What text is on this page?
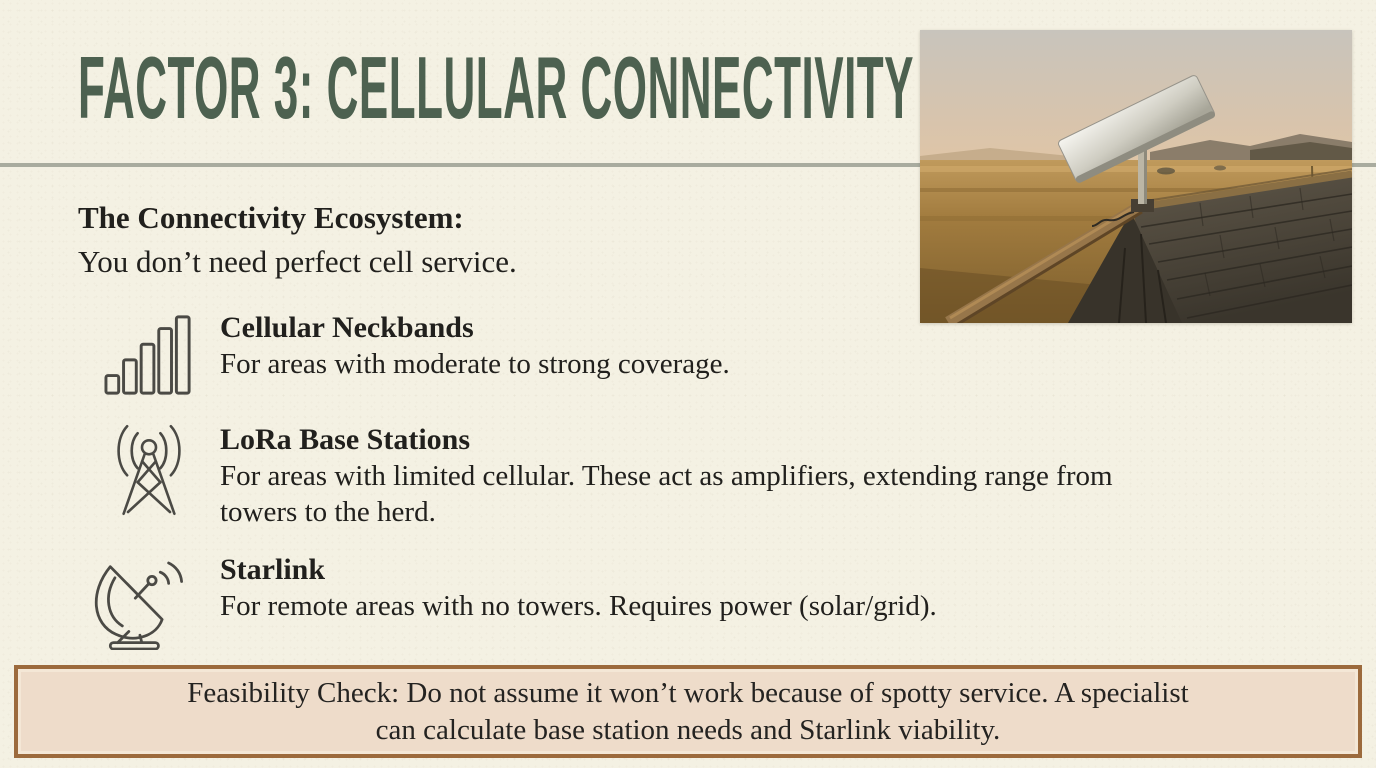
FACTOR 3: CELLULAR CONNECTIVITY
The Connectivity Ecosystem:
You don’t need perfect cell service.
Cellular Neckbands
For areas with moderate to strong coverage.
LoRa Base Stations
For areas with limited cellular. These act as amplifiers, extending range from
towers to the herd.
Starlink
For remote areas with no towers. Requires power (solar/grid).
Feasibility Check: Do not assume it won’t work because of spotty service. A specialist
can calculate base station needs and Starlink viability.
